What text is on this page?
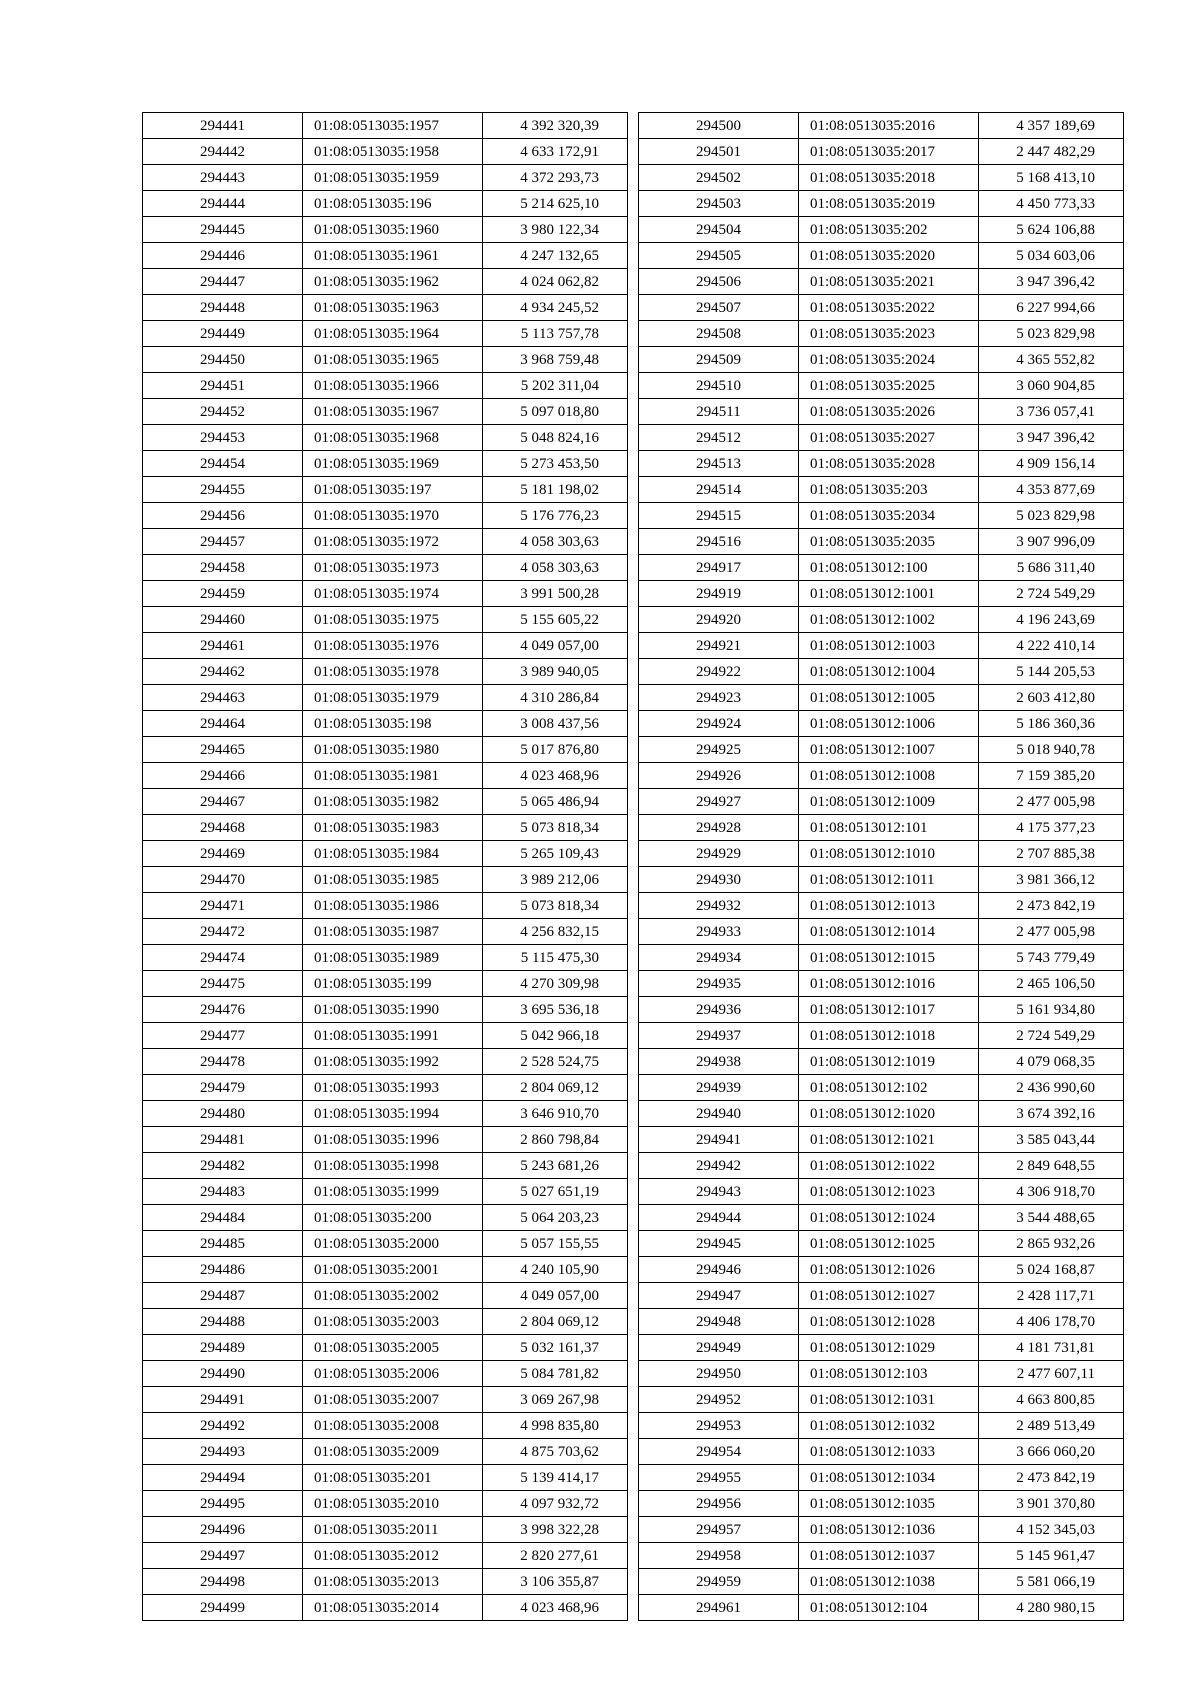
294441	01:08:0513035:1957	4 392 320,39
294442	01:08:0513035:1958	4 633 172,91
294443	01:08:0513035:1959	4 372 293,73
294444	01:08:0513035:196	5 214 625,10
294445	01:08:0513035:1960	3 980 122,34
294446	01:08:0513035:1961	4 247 132,65
294447	01:08:0513035:1962	4 024 062,82
294448	01:08:0513035:1963	4 934 245,52
294449	01:08:0513035:1964	5 113 757,78
294450	01:08:0513035:1965	3 968 759,48
294451	01:08:0513035:1966	5 202 311,04
294452	01:08:0513035:1967	5 097 018,80
294453	01:08:0513035:1968	5 048 824,16
294454	01:08:0513035:1969	5 273 453,50
294455	01:08:0513035:197	5 181 198,02
294456	01:08:0513035:1970	5 176 776,23
294457	01:08:0513035:1972	4 058 303,63
294458	01:08:0513035:1973	4 058 303,63
294459	01:08:0513035:1974	3 991 500,28
294460	01:08:0513035:1975	5 155 605,22
294461	01:08:0513035:1976	4 049 057,00
294462	01:08:0513035:1978	3 989 940,05
294463	01:08:0513035:1979	4 310 286,84
294464	01:08:0513035:198	3 008 437,56
294465	01:08:0513035:1980	5 017 876,80
294466	01:08:0513035:1981	4 023 468,96
294467	01:08:0513035:1982	5 065 486,94
294468	01:08:0513035:1983	5 073 818,34
294469	01:08:0513035:1984	5 265 109,43
294470	01:08:0513035:1985	3 989 212,06
294471	01:08:0513035:1986	5 073 818,34
294472	01:08:0513035:1987	4 256 832,15
294474	01:08:0513035:1989	5 115 475,30
294475	01:08:0513035:199	4 270 309,98
294476	01:08:0513035:1990	3 695 536,18
294477	01:08:0513035:1991	5 042 966,18
294478	01:08:0513035:1992	2 528 524,75
294479	01:08:0513035:1993	2 804 069,12
294480	01:08:0513035:1994	3 646 910,70
294481	01:08:0513035:1996	2 860 798,84
294482	01:08:0513035:1998	5 243 681,26
294483	01:08:0513035:1999	5 027 651,19
294484	01:08:0513035:200	5 064 203,23
294485	01:08:0513035:2000	5 057 155,55
294486	01:08:0513035:2001	4 240 105,90
294487	01:08:0513035:2002	4 049 057,00
294488	01:08:0513035:2003	2 804 069,12
294489	01:08:0513035:2005	5 032 161,37
294490	01:08:0513035:2006	5 084 781,82
294491	01:08:0513035:2007	3 069 267,98
294492	01:08:0513035:2008	4 998 835,80
294493	01:08:0513035:2009	4 875 703,62
294494	01:08:0513035:201	5 139 414,17
294495	01:08:0513035:2010	4 097 932,72
294496	01:08:0513035:2011	3 998 322,28
294497	01:08:0513035:2012	2 820 277,61
294498	01:08:0513035:2013	3 106 355,87
294499	01:08:0513035:2014	4 023 468,96
294500	01:08:0513035:2016	4 357 189,69
294501	01:08:0513035:2017	2 447 482,29
294502	01:08:0513035:2018	5 168 413,10
294503	01:08:0513035:2019	4 450 773,33
294504	01:08:0513035:202	5 624 106,88
294505	01:08:0513035:2020	5 034 603,06
294506	01:08:0513035:2021	3 947 396,42
294507	01:08:0513035:2022	6 227 994,66
294508	01:08:0513035:2023	5 023 829,98
294509	01:08:0513035:2024	4 365 552,82
294510	01:08:0513035:2025	3 060 904,85
294511	01:08:0513035:2026	3 736 057,41
294512	01:08:0513035:2027	3 947 396,42
294513	01:08:0513035:2028	4 909 156,14
294514	01:08:0513035:203	4 353 877,69
294515	01:08:0513035:2034	5 023 829,98
294516	01:08:0513035:2035	3 907 996,09
294917	01:08:0513012:100	5 686 311,40
294919	01:08:0513012:1001	2 724 549,29
294920	01:08:0513012:1002	4 196 243,69
294921	01:08:0513012:1003	4 222 410,14
294922	01:08:0513012:1004	5 144 205,53
294923	01:08:0513012:1005	2 603 412,80
294924	01:08:0513012:1006	5 186 360,36
294925	01:08:0513012:1007	5 018 940,78
294926	01:08:0513012:1008	7 159 385,20
294927	01:08:0513012:1009	2 477 005,98
294928	01:08:0513012:101	4 175 377,23
294929	01:08:0513012:1010	2 707 885,38
294930	01:08:0513012:1011	3 981 366,12
294932	01:08:0513012:1013	2 473 842,19
294933	01:08:0513012:1014	2 477 005,98
294934	01:08:0513012:1015	5 743 779,49
294935	01:08:0513012:1016	2 465 106,50
294936	01:08:0513012:1017	5 161 934,80
294937	01:08:0513012:1018	2 724 549,29
294938	01:08:0513012:1019	4 079 068,35
294939	01:08:0513012:102	2 436 990,60
294940	01:08:0513012:1020	3 674 392,16
294941	01:08:0513012:1021	3 585 043,44
294942	01:08:0513012:1022	2 849 648,55
294943	01:08:0513012:1023	4 306 918,70
294944	01:08:0513012:1024	3 544 488,65
294945	01:08:0513012:1025	2 865 932,26
294946	01:08:0513012:1026	5 024 168,87
294947	01:08:0513012:1027	2 428 117,71
294948	01:08:0513012:1028	4 406 178,70
294949	01:08:0513012:1029	4 181 731,81
294950	01:08:0513012:103	2 477 607,11
294952	01:08:0513012:1031	4 663 800,85
294953	01:08:0513012:1032	2 489 513,49
294954	01:08:0513012:1033	3 666 060,20
294955	01:08:0513012:1034	2 473 842,19
294956	01:08:0513012:1035	3 901 370,80
294957	01:08:0513012:1036	4 152 345,03
294958	01:08:0513012:1037	5 145 961,47
294959	01:08:0513012:1038	5 581 066,19
294961	01:08:0513012:104	4 280 980,15
